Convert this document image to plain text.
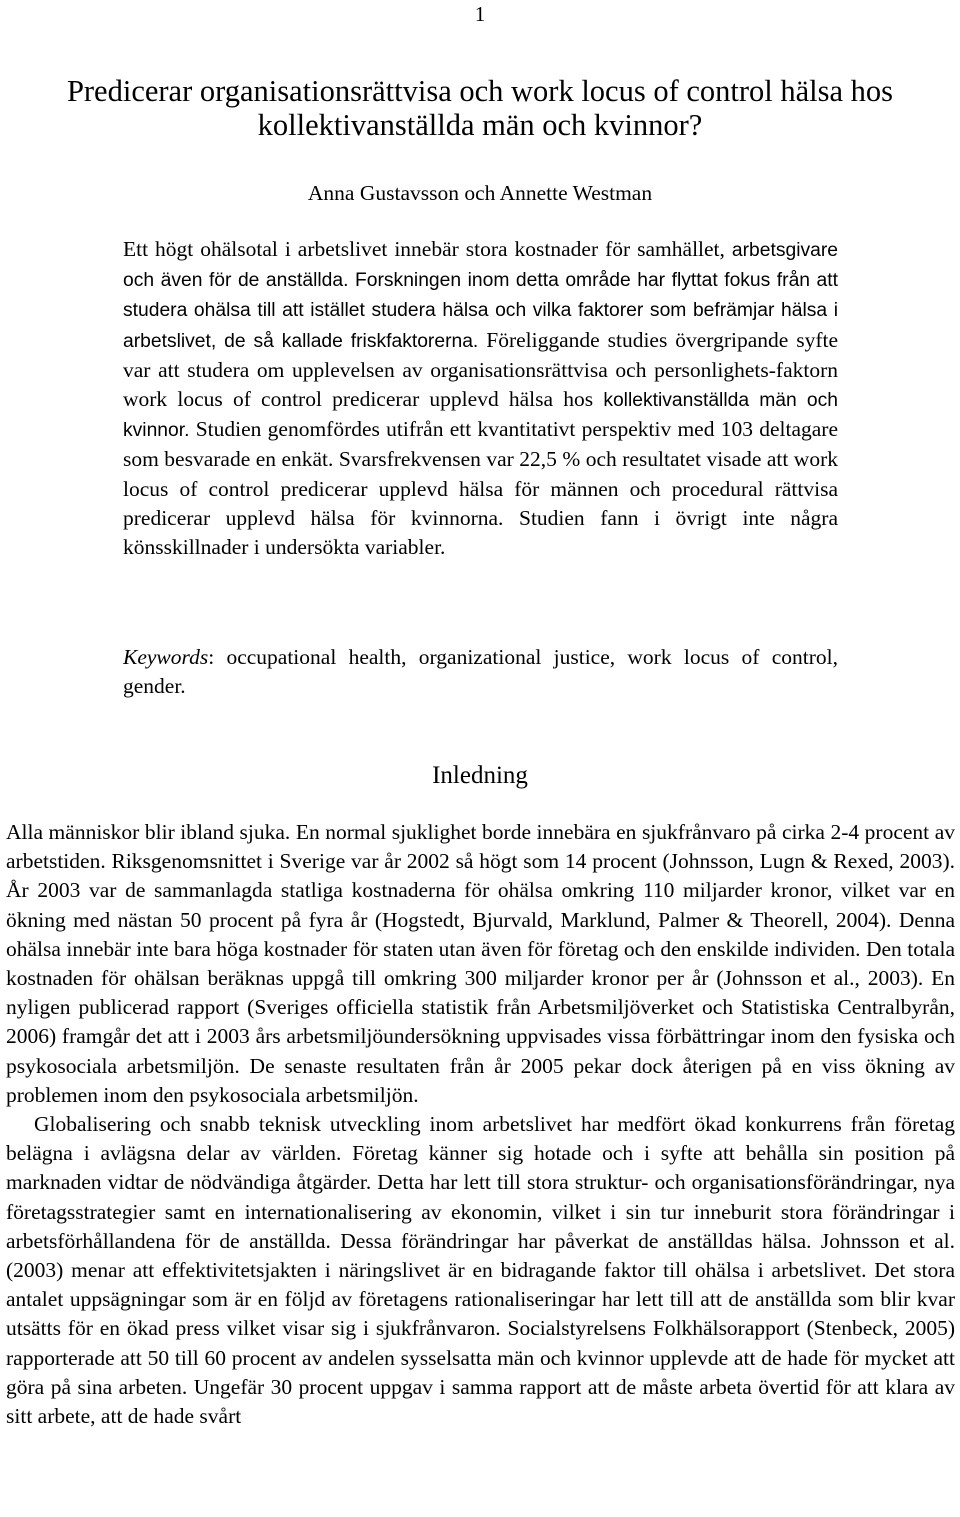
1
Predicerar organisationsrättvisa och work locus of control hälsa hos
kollektivanställda män och kvinnor?
Anna Gustavsson och Annette Westman

Ett högt ohälsotal i arbetslivet innebär stora kostnader för samhället, arbetsgivare och även för de anställda. Forskningen inom detta område har flyttat fokus från att studera ohälsa till att istället studera hälsa och vilka faktorer som befrämjar hälsa i arbetslivet, de så kallade friskfaktorerna. Föreliggande studies övergripande syfte var att studera om upplevelsen av organisationsrättvisa och personlighets-faktorn work locus of control predicerar upplevd hälsa hos kollektivanställda män och kvinnor. Studien genomfördes utifrån ett kvantitativt perspektiv med 103 deltagare som besvarade en enkät. Svarsfrekvensen var 22,5 % och resultatet visade att work locus of control predicerar upplevd hälsa för männen och procedural rättvisa predicerar upplevd hälsa för kvinnorna. Studien fann i övrigt inte några könsskillnader i undersökta variabler.

Keywords: occupational health, organizational justice, work locus of control, gender.

Inledning

Alla människor blir ibland sjuka. En normal sjuklighet borde innebära en sjukfrånvaro på cirka 2-4 procent av arbetstiden. Riksgenomsnittet i Sverige var år 2002 så högt som 14 procent (Johnsson, Lugn & Rexed, 2003). År 2003 var de sammanlagda statliga kostnaderna för ohälsa omkring 110 miljarder kronor, vilket var en ökning med nästan 50 procent på fyra år (Hogstedt, Bjurvald, Marklund, Palmer & Theorell, 2004). Denna ohälsa innebär inte bara höga kostnader för staten utan även för företag och den enskilde individen. Den totala kostnaden för ohälsan beräknas uppgå till omkring 300 miljarder kronor per år (Johnsson et al., 2003). En nyligen publicerad rapport (Sveriges officiella statistik från Arbetsmiljöverket och Statistiska Centralbyrån, 2006) framgår det att i 2003 års arbetsmiljöundersökning uppvisades vissa förbättringar inom den fysiska och psykosociala arbetsmiljön. De senaste resultaten från år 2005 pekar dock återigen på en viss ökning av problemen inom den psykosociala arbetsmiljön.

Globalisering och snabb teknisk utveckling inom arbetslivet har medfört ökad konkurrens från företag belägna i avlägsna delar av världen. Företag känner sig hotade och i syfte att behålla sin position på marknaden vidtar de nödvändiga åtgärder. Detta har lett till stora struktur- och organisationsförändringar, nya företagsstrategier samt en internationalisering av ekonomin, vilket i sin tur inneburit stora förändringar i arbetsförhållandena för de anställda. Dessa förändringar har påverkat de anställdas hälsa. Johnsson et al. (2003) menar att effektivitetsjakten i näringslivet är en bidragande faktor till ohälsa i arbetslivet. Det stora antalet uppsägningar som är en följd av företagens rationaliseringar har lett till att de anställda som blir kvar utsätts för en ökad press vilket visar sig i sjukfrånvaron. Socialstyrelsens Folkhälsorapport (Stenbeck, 2005) rapporterade att 50 till 60 procent av andelen sysselsatta män och kvinnor upplevde att de hade för mycket att göra på sina arbeten. Ungefär 30 procent uppgav i samma rapport att de måste arbeta övertid för att klara av sitt arbete, att de hade svårt
